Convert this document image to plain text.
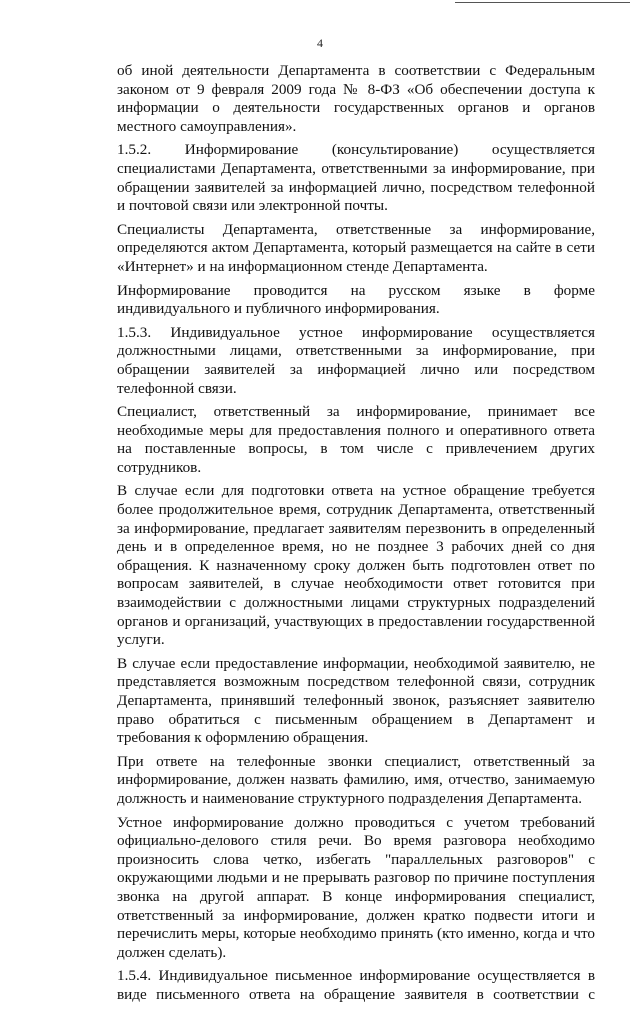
4

об иной деятельности Департамента в соответствии с Федеральным законом от 9 февраля 2009 года № 8-ФЗ «Об обеспечении доступа к информации о деятельности государственных органов и органов местного самоуправления».

1.5.2. Информирование (консультирование) осуществляется специалистами Департамента, ответственными за информирование, при обращении заявителей за информацией лично, посредством телефонной и почтовой связи или электронной почты.

Специалисты Департамента, ответственные за информирование, определяются актом Департамента, который размещается на сайте в сети «Интернет» и на информационном стенде Департамента.

Информирование проводится на русском языке в форме индивидуального и публичного информирования.

1.5.3. Индивидуальное устное информирование осуществляется должностными лицами, ответственными за информирование, при обращении заявителей за информацией лично или посредством телефонной связи.

Специалист, ответственный за информирование, принимает все необходимые меры для предоставления полного и оперативного ответа на поставленные вопросы, в том числе с привлечением других сотрудников.

В случае если для подготовки ответа на устное обращение требуется более продолжительное время, сотрудник Департамента, ответственный за информирование, предлагает заявителям перезвонить в определенный день и в определенное время, но не позднее 3 рабочих дней со дня обращения. К назначенному сроку должен быть подготовлен ответ по вопросам заявителей, в случае необходимости ответ готовится при взаимодействии с должностными лицами структурных подразделений органов и организаций, участвующих в предоставлении государственной услуги.

В случае если предоставление информации, необходимой заявителю, не представляется возможным посредством телефонной связи, сотрудник Департамента, принявший телефонный звонок, разъясняет заявителю право обратиться с письменным обращением в Департамент и требования к оформлению обращения.

При ответе на телефонные звонки специалист, ответственный за информирование, должен назвать фамилию, имя, отчество, занимаемую должность и наименование структурного подразделения Департамента.

Устное информирование должно проводиться с учетом требований официально-делового стиля речи. Во время разговора необходимо произносить слова четко, избегать "параллельных разговоров" с окружающими людьми и не прерывать разговор по причине поступления звонка на другой аппарат. В конце информирования специалист, ответственный за информирование, должен кратко подвести итоги и перечислить меры, которые необходимо принять (кто именно, когда и что должен сделать).

1.5.4. Индивидуальное письменное информирование осуществляется в виде письменного ответа на обращение заявителя в соответствии с
